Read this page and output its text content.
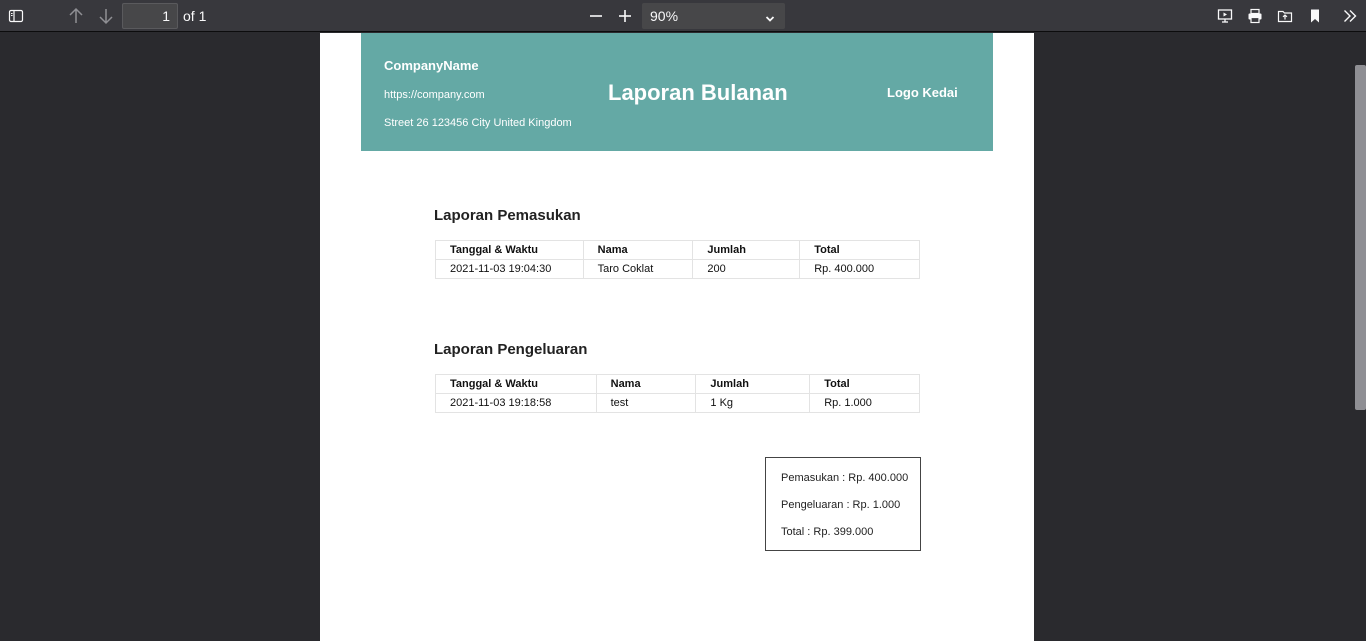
1
of 1	90%
CompanyName
https://company.com
Street 26 123456 City United Kingdom
Laporan Bulanan	Logo Kedai
Laporan Pemasukan
Tanggal & Waktu	Nama	Jumlah	Total
2021-11-03 19:04:30	Taro Coklat	200	Rp. 400.000
Laporan Pengeluaran
Tanggal & Waktu	Nama	Jumlah	Total
2021-11-03 19:18:58	test	1 Kg	Rp. 1.000
Pemasukan : Rp. 400.000
Pengeluaran : Rp. 1.000
Total : Rp. 399.000
